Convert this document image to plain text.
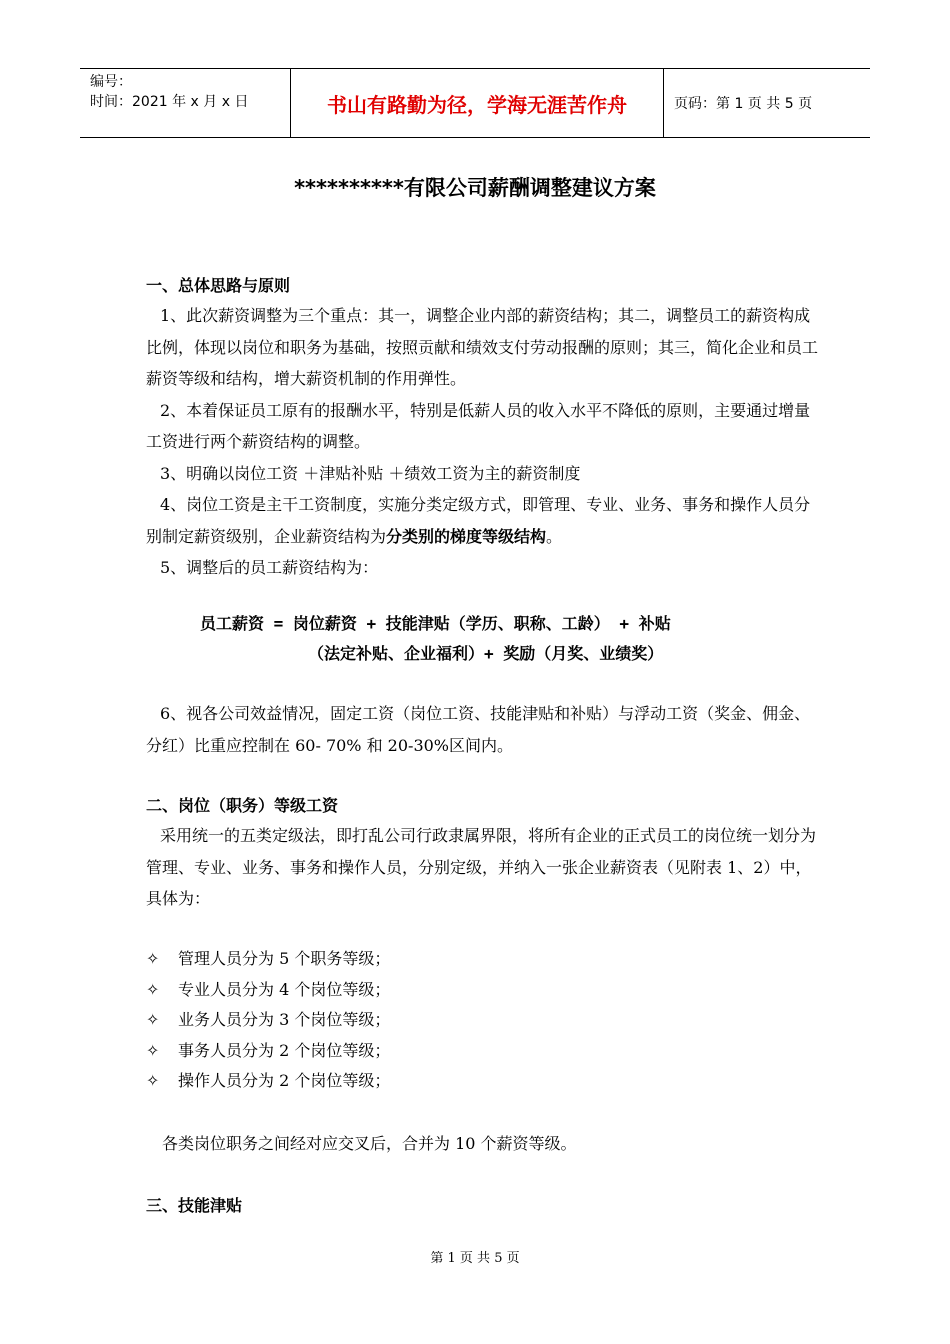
编号：
时间：2021 年 x 月 x 日	书山有路勤为径，学海无涯苦作舟	页码：第 1 页 共 5 页
**********有限公司薪酬调整建议方案
一、总体思路与原则

1、此次薪资调整为三个重点：其一，调整企业内部的薪资结构；其二，调整员工的薪资构成比例，体现以岗位和职务为基础，按照贡献和绩效支付劳动报酬的原则；其三，简化企业和员工薪资等级和结构，增大薪资机制的作用弹性。

2、本着保证员工原有的报酬水平，特别是低薪人员的收入水平不降低的原则，主要通过增量工资进行两个薪资结构的调整。

3、明确以岗位工资 ＋津贴补贴 ＋绩效工资为主的薪资制度

4、岗位工资是主干工资制度，实施分类定级方式，即管理、专业、业务、事务和操作人员分别制定薪资级别，企业薪资结构为分类别的梯度等级结构。

5、调整后的员工薪资结构为：

员工薪资 = 岗位薪资 + 技能津贴（学历、职称、工龄） + 补贴
（法定补贴、企业福利）+ 奖励（月奖、业绩奖）

6、视各公司效益情况，固定工资（岗位工资、技能津贴和补贴）与浮动工资（奖金、佣金、分红）比重应控制在 60- 70% 和 20-30%区间内。

二、岗位（职务）等级工资

采用统一的五类定级法，即打乱公司行政隶属界限，将所有企业的正式员工的岗位统一划分为管理、专业、业务、事务和操作人员，分别定级，并纳入一张企业薪资表（见附表 1、2）中，具体为：

✧	管理人员分为 5 个职务等级；
✧	专业人员分为 4 个岗位等级；
✧	业务人员分为 3 个岗位等级；
✧	事务人员分为 2 个岗位等级；
✧	操作人员分为 2 个岗位等级；

各类岗位职务之间经对应交叉后，合并为 10 个薪资等级。

三、技能津贴
第 1 页 共 5 页
